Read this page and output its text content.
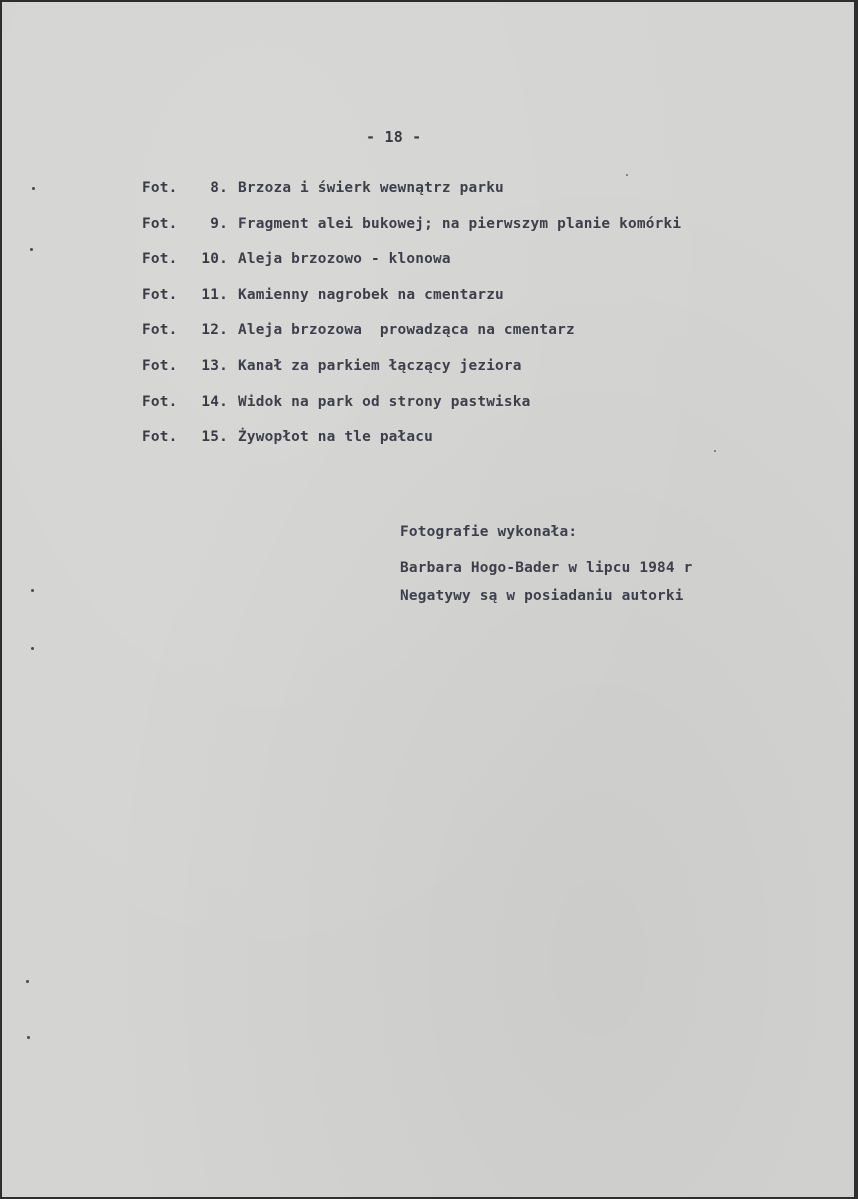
- 18 -
Fot.	8. Brzoza i świerk wewnątrz parku
Fot.	9. Fragment alei bukowej; na pierwszym planie komórki
Fot.	10. Aleja brzozowo - klonowa
Fot.	11. Kamienny nagrobek na cmentarzu
Fot.	12. Aleja brzozowa  prowadząca na cmentarz
Fot.	13. Kanał za parkiem łączący jeziora
Fot.	14. Widok na park od strony pastwiska
Fot.	15. Żywopłot na tle pałacu
Fotografie wykonała:
Barbara Hogo-Bader w lipcu 1984 r
Negatywy są w posiadaniu autorki
